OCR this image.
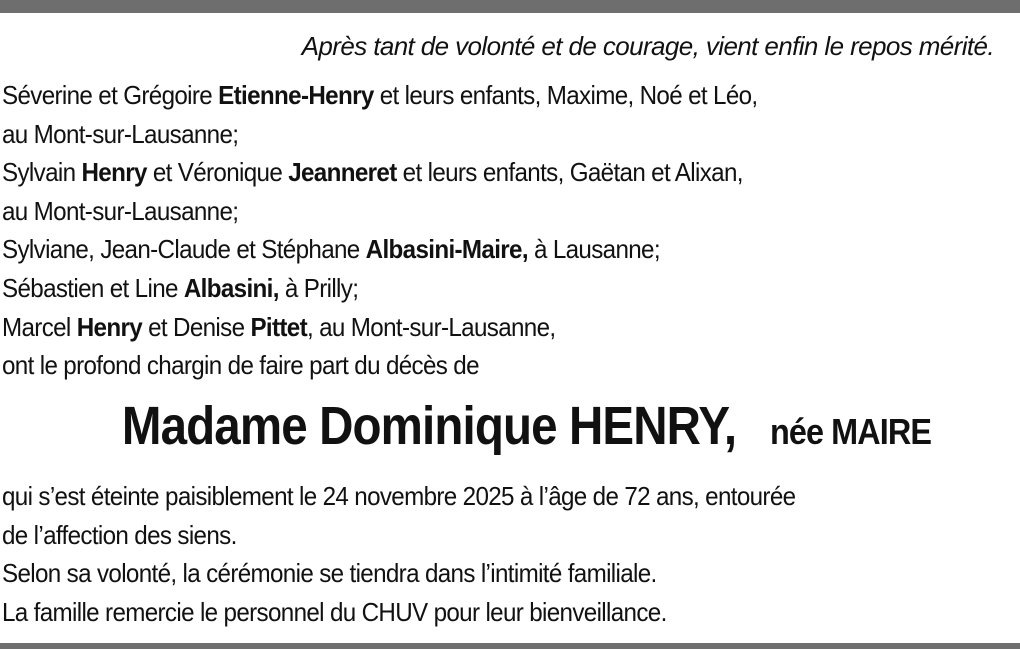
Après tant de volonté et de courage, vient enfin le repos mérité.
Séverine et Grégoire Etienne-Henry et leurs enfants, Maxime, Noé et Léo,
au Mont-sur-Lausanne;
Sylvain Henry et Véronique Jeanneret et leurs enfants, Gaëtan et Alixan,
au Mont-sur-Lausanne;
Sylviane, Jean-Claude et Stéphane Albasini-Maire, à Lausanne;
Sébastien et Line Albasini, à Prilly;
Marcel Henry et Denise Pittet, au Mont-sur-Lausanne,
ont le profond chargin de faire part du décès de
Madame Dominique HENRY, née MAIRE
qui s’est éteinte paisiblement le 24 novembre 2025 à l’âge de 72 ans, entourée
de l’affection des siens.
Selon sa volonté, la cérémonie se tiendra dans l’intimité familiale.
La famille remercie le personnel du CHUV pour leur bienveillance.
